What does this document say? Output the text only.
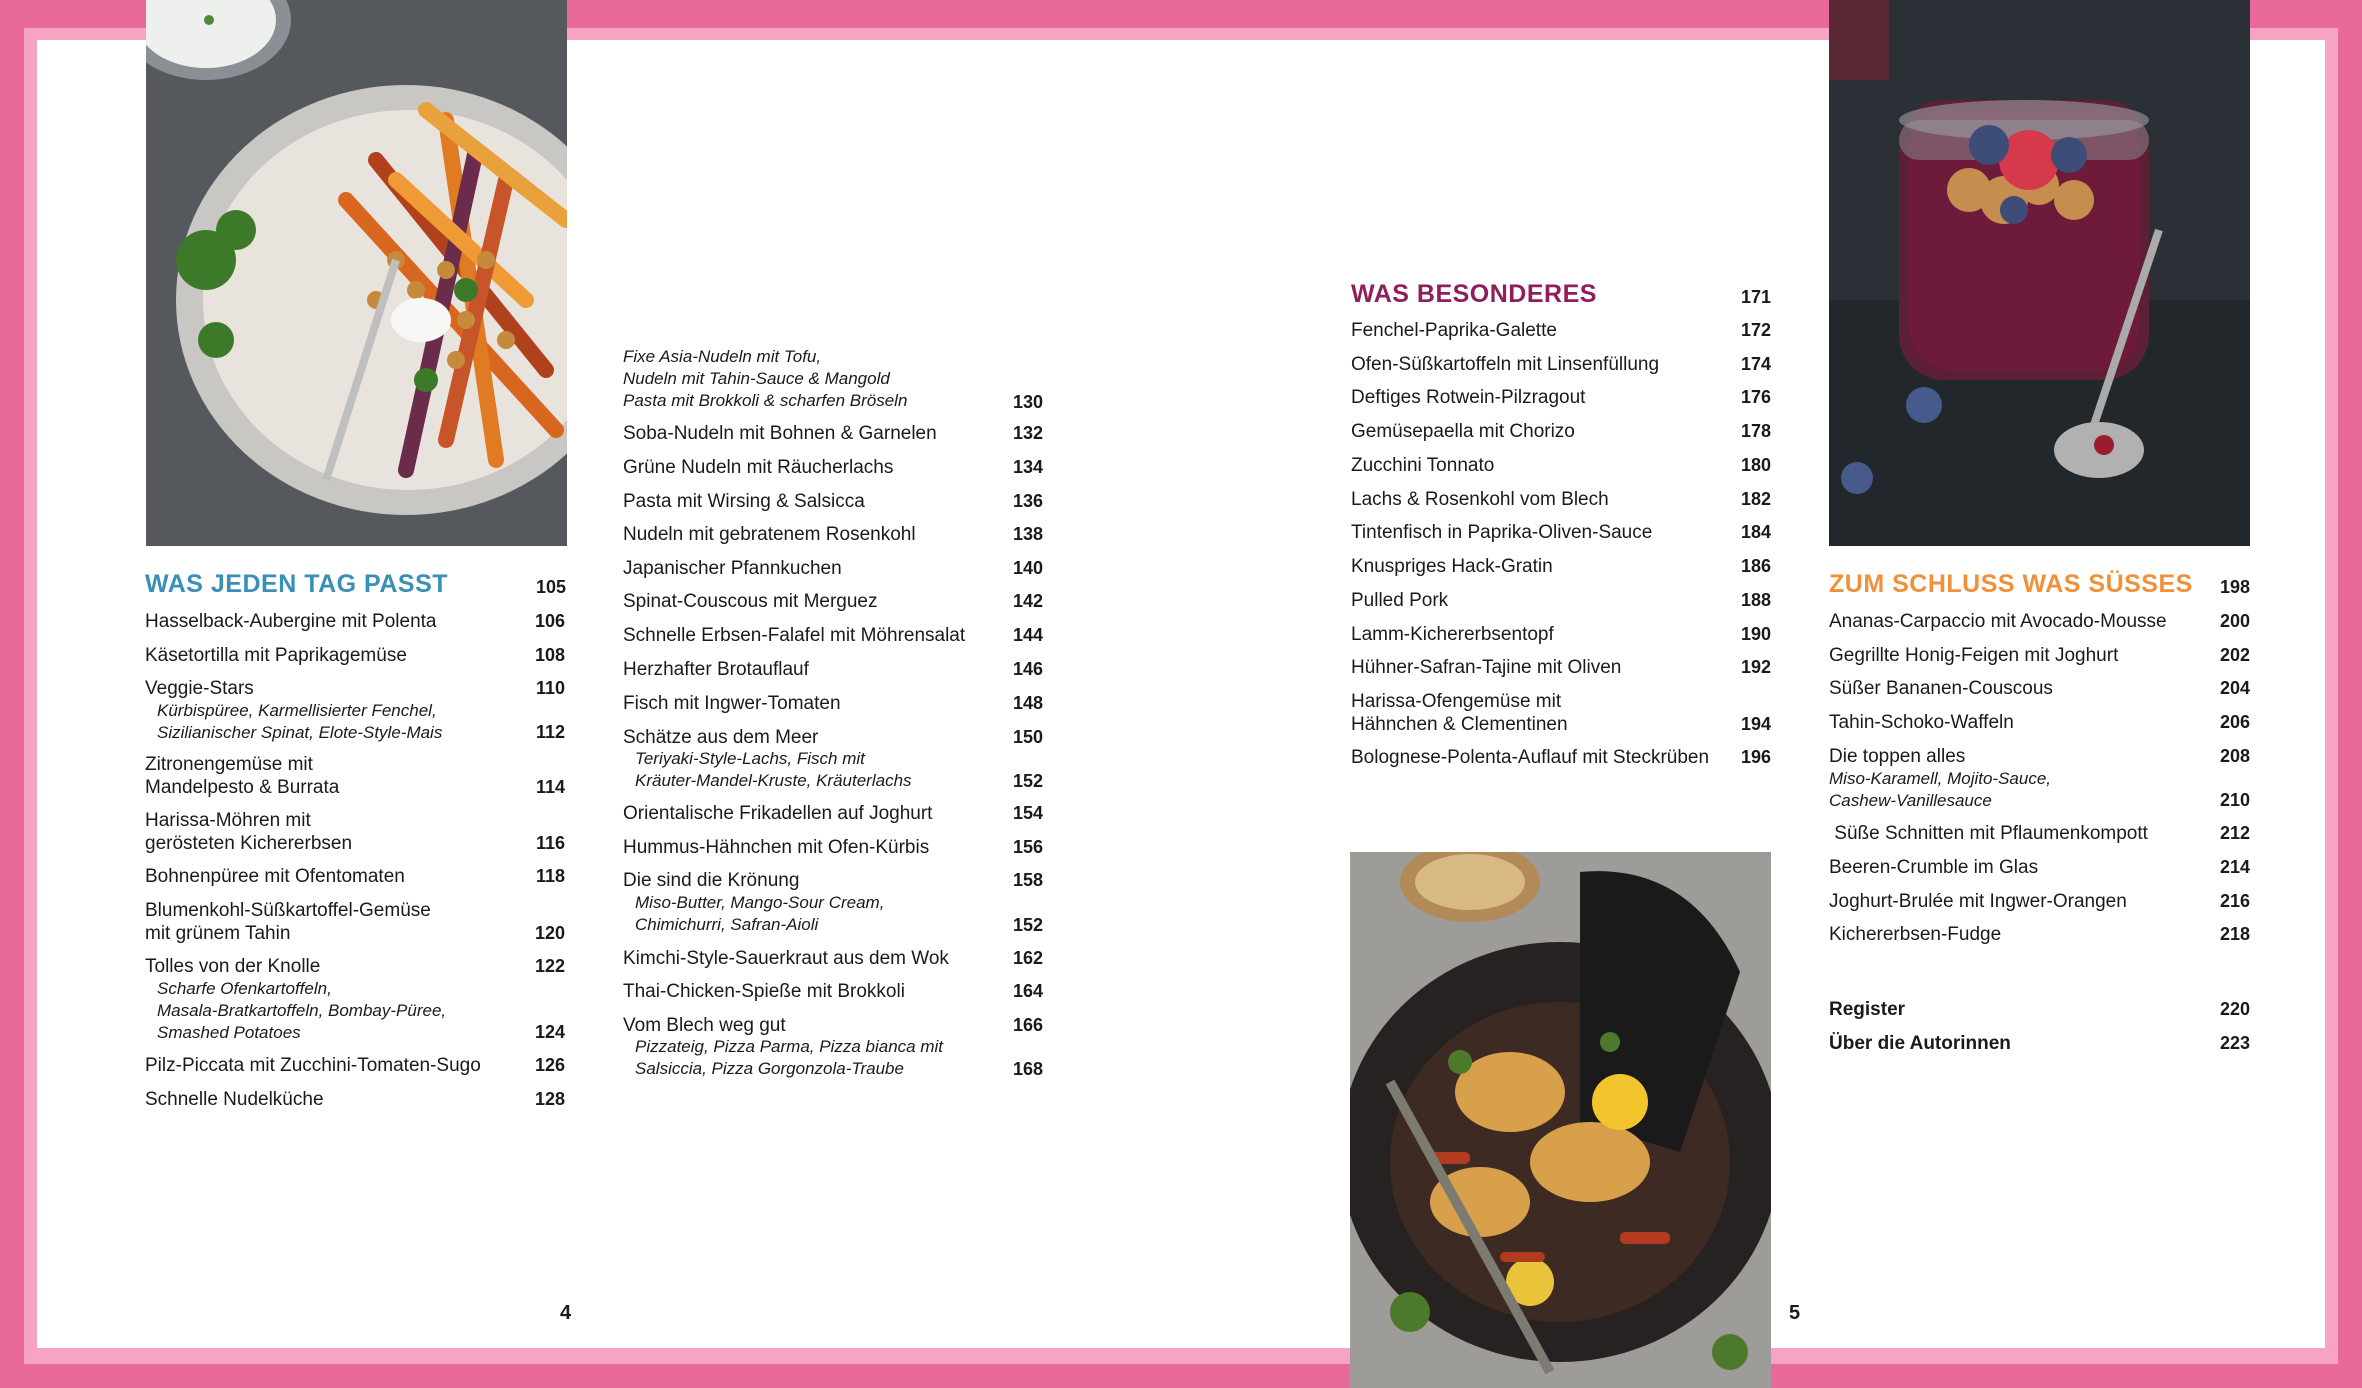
WAS JEDEN TAG PASST	105
Hasselback-Aubergine mit Polenta	106
Käsetortilla mit Paprikagemüse	108
Veggie-Stars	110
Kürbispüree, Karmellisierter Fenchel,
Sizilianischer Spinat, Elote-Style-Mais	112
Zitronengemüse mit
Mandelpesto & Burrata	114
Harissa-Möhren mit
gerösteten Kichererbsen	116
Bohnenpüree mit Ofentomaten	118
Blumenkohl-Süßkartoffel-Gemüse
mit grünem Tahin	120
Tolles von der Knolle	122
Scharfe Ofenkartoffeln,
Masala-Bratkartoffeln, Bombay-Püree,
Smashed Potatoes	124
Pilz-Piccata mit Zucchini-Tomaten-Sugo	126
Schnelle Nudelküche	128
Fixe Asia-Nudeln mit Tofu,
Nudeln mit Tahin-Sauce & Mangold
Pasta mit Brokkoli & scharfen Bröseln	130
Soba-Nudeln mit Bohnen & Garnelen	132
Grüne Nudeln mit Räucherlachs	134
Pasta mit Wirsing & Salsicca	136
Nudeln mit gebratenem Rosenkohl	138
Japanischer Pfannkuchen	140
Spinat-Couscous mit Merguez	142
Schnelle Erbsen-Falafel mit Möhrensalat	144
Herzhafter Brotauflauf	146
Fisch mit Ingwer-Tomaten	148
Schätze aus dem Meer	150
Teriyaki-Style-Lachs, Fisch mit
Kräuter-Mandel-Kruste, Kräuterlachs	152
Orientalische Frikadellen auf Joghurt	154
Hummus-Hähnchen mit Ofen-Kürbis	156
Die sind die Krönung	158
Miso-Butter, Mango-Sour Cream,
Chimichurri, Safran-Aioli	152
Kimchi-Style-Sauerkraut aus dem Wok	162
Thai-Chicken-Spieße mit Brokkoli	164
Vom Blech weg gut	166
Pizzateig, Pizza Parma, Pizza bianca mit
Salsiccia, Pizza Gorgonzola-Traube	168
WAS BESONDERES	171
Fenchel-Paprika-Galette	172
Ofen-Süßkartoffeln mit Linsenfüllung	174
Deftiges Rotwein-Pilzragout	176
Gemüsepaella mit Chorizo	178
Zucchini Tonnato	180
Lachs & Rosenkohl vom Blech	182
Tintenfisch in Paprika-Oliven-Sauce	184
Knuspriges Hack-Gratin	186
Pulled Pork	188
Lamm-Kichererbsentopf	190
Hühner-Safran-Tajine mit Oliven	192
Harissa-Ofengemüse mit
Hähnchen & Clementinen	194
Bolognese-Polenta-Auflauf mit Steckrüben	196
ZUM SCHLUSS WAS SÜSSES	198
Ananas-Carpaccio mit Avocado-Mousse	200
Gegrillte Honig-Feigen mit Joghurt	202
Süßer Bananen-Couscous	204
Tahin-Schoko-Waffeln	206
Die toppen alles	208
Miso-Karamell, Mojito-Sauce,
Cashew-Vanillesauce	210
Süße Schnitten mit Pflaumenkompott	212
Beeren-Crumble im Glas	214
Joghurt-Brulée mit Ingwer-Orangen	216
Kichererbsen-Fudge	218
Register	220
Über die Autorinnen	223
4	5
